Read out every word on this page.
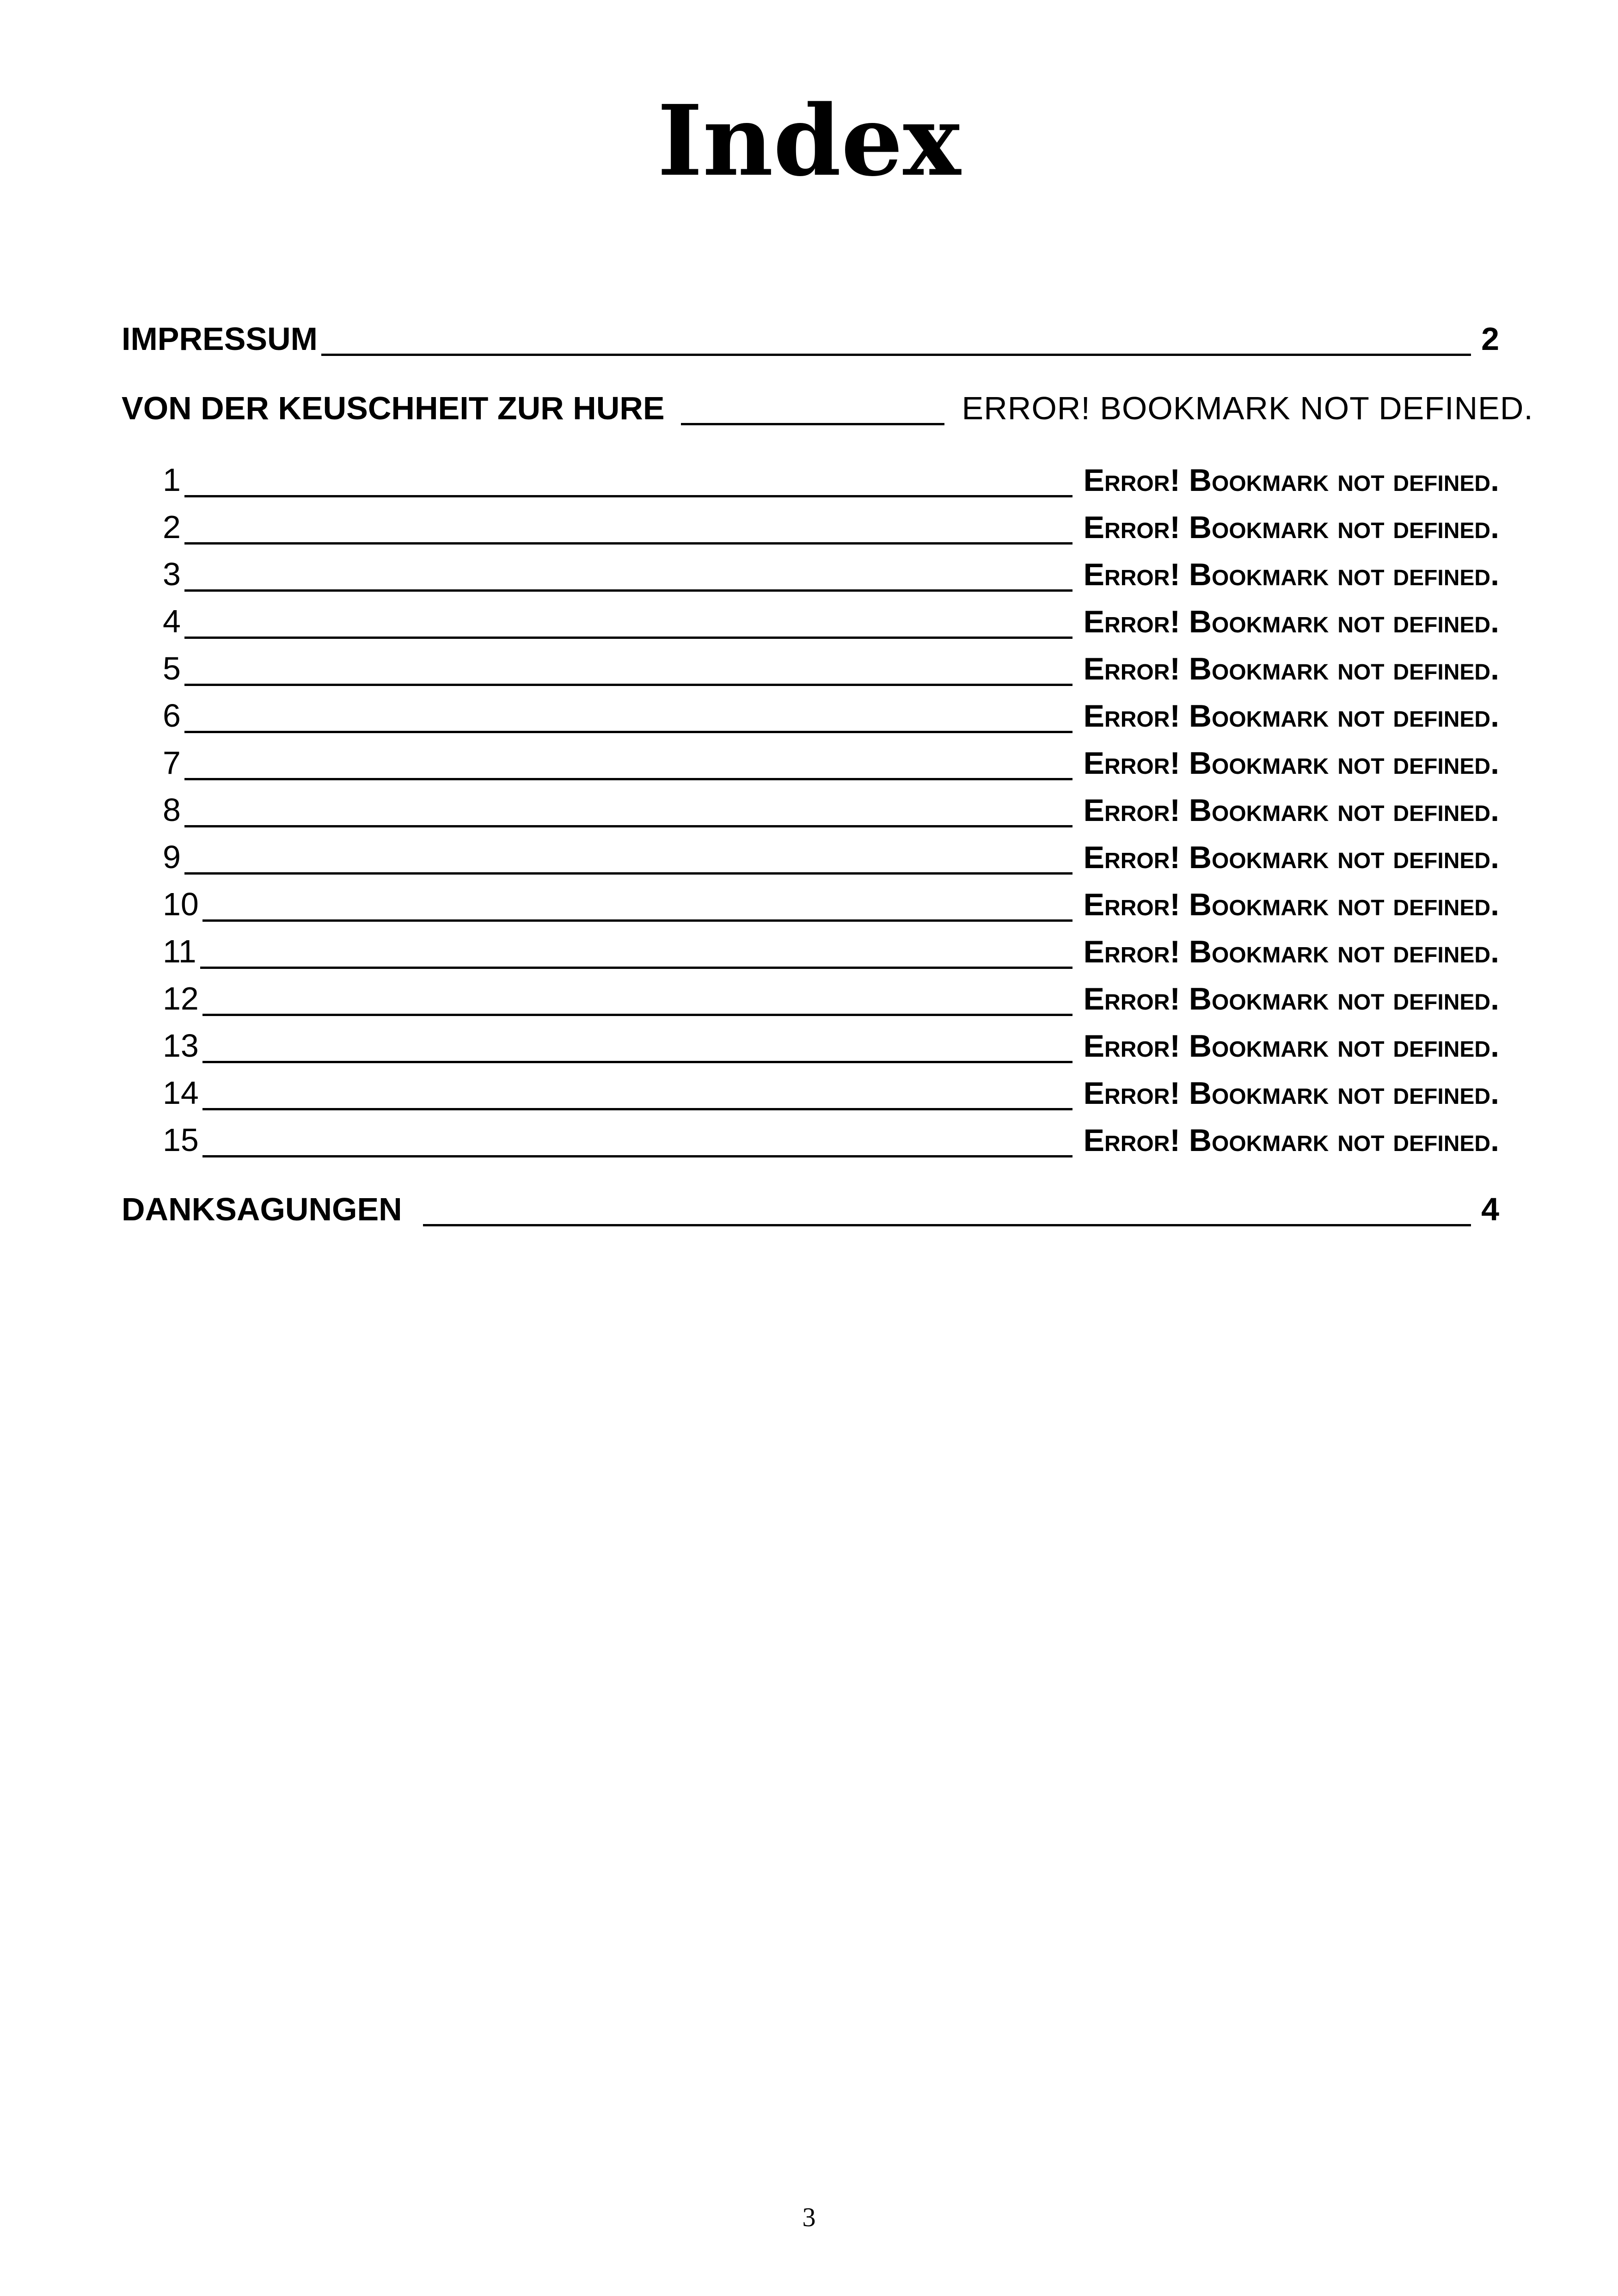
Index
IMPRESSUM	2
VON DER KEUSCHHEIT ZUR HURE	ERROR! BOOKMARK NOT DEFINED.
1	Error! Bookmark not defined.
2	Error! Bookmark not defined.
3	Error! Bookmark not defined.
4	Error! Bookmark not defined.
5	Error! Bookmark not defined.
6	Error! Bookmark not defined.
7	Error! Bookmark not defined.
8	Error! Bookmark not defined.
9	Error! Bookmark not defined.
10	Error! Bookmark not defined.
11	Error! Bookmark not defined.
12	Error! Bookmark not defined.
13	Error! Bookmark not defined.
14	Error! Bookmark not defined.
15	Error! Bookmark not defined.
DANKSAGUNGEN	4
3
